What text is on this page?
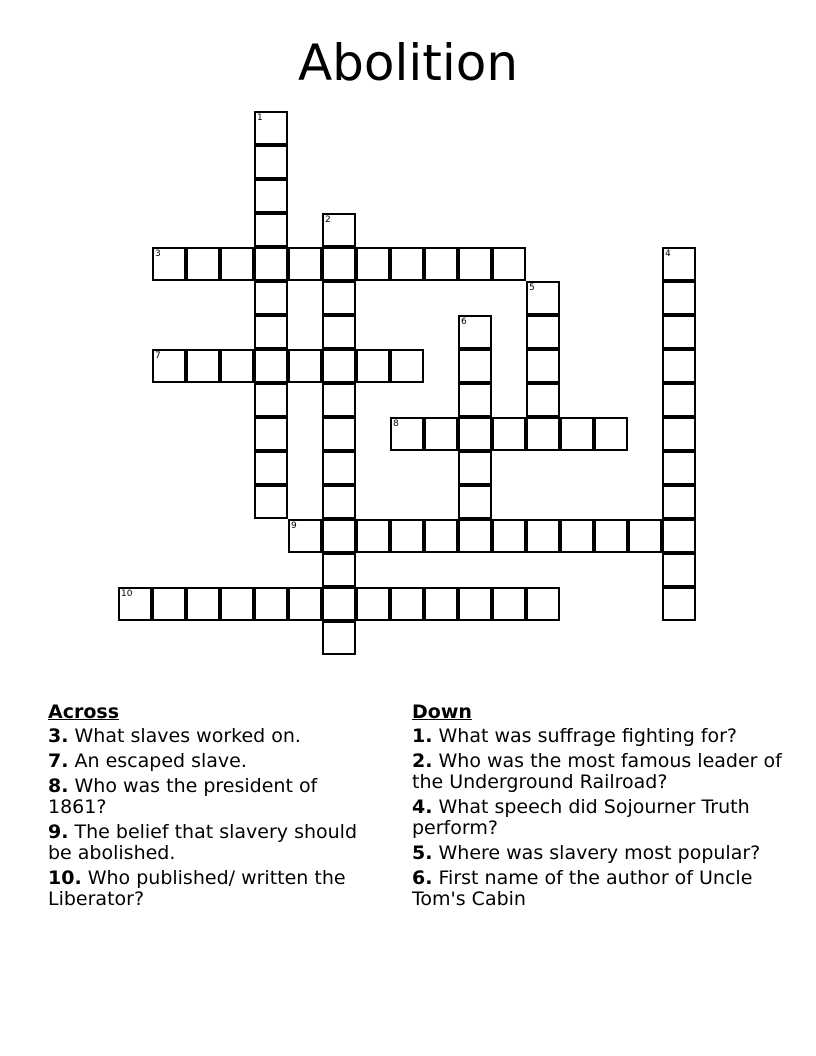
Abolition
1
2
3	4
5
6
7
8
9
10
Across
3. What slaves worked on.
7. An escaped slave.
8. Who was the president of 1861?
9. The belief that slavery should be abolished.
10. Who published/ written the Liberator?
Down
1. What was suffrage fighting for?
2. Who was the most famous leader of the Underground Railroad?
4. What speech did Sojourner Truth perform?
5. Where was slavery most popular?
6. First name of the author of Uncle Tom's Cabin
